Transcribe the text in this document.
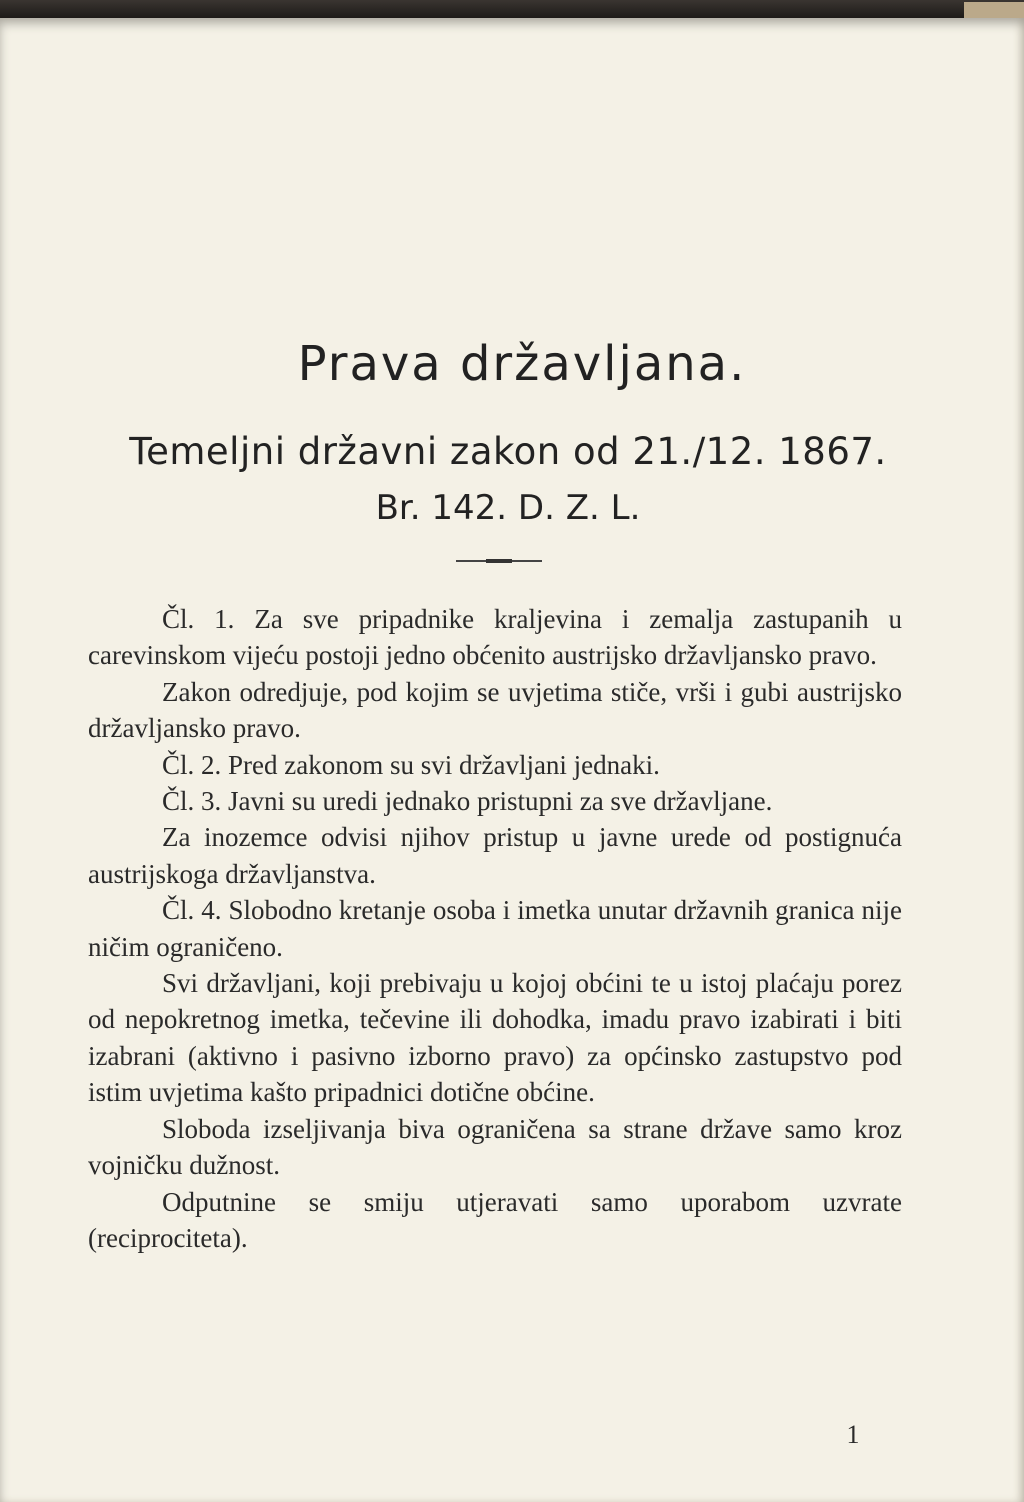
Prava državljana.
Temeljni državni zakon od 21./12. 1867.
Br. 142. D. Z. L.

Čl. 1. Za sve pripadnike kraljevina i zemalja zastupanih u carevinskom vijeću postoji jedno obćenito austrijsko državljansko pravo.

Zakon odredjuje, pod kojim se uvjetima stiče, vrši i gubi austrijsko državljansko pravo.

Čl. 2. Pred zakonom su svi državljani jednaki.

Čl. 3. Javni su uredi jednako pristupni za sve državljane.

Za inozemce odvisi njihov pristup u javne urede od postignuća austrijskoga državljanstva.

Čl. 4. Slobodno kretanje osoba i imetka unutar državnih granica nije ničim ograničeno.

Svi državljani, koji prebivaju u kojoj obćini te u istoj plaćaju porez od nepokretnog imetka, tečevine ili dohodka, imadu pravo izabirati i biti izabrani (aktivno i pasivno izborno pravo) za općinsko zastupstvo pod istim uvjetima kašto pripadnici dotične obćine.

Sloboda izseljivanja biva ograničena sa strane države samo kroz vojničku dužnost.

Odputnine se smiju utjeravati samo uporabom uzvrate (reciprociteta).

1
